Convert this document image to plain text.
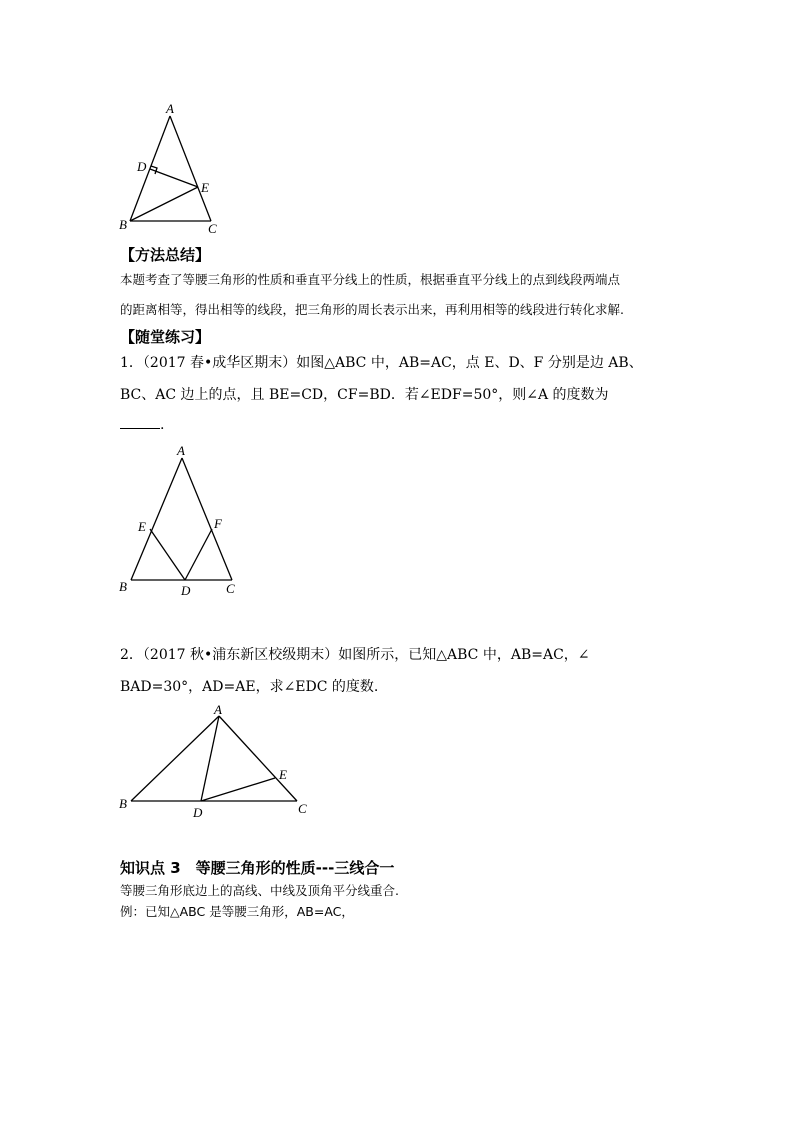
A
D
E
B	C
【方法总结】
本题考查了等腰三角形的性质和垂直平分线上的性质，根据垂直平分线上的点到线段两端点
的距离相等，得出相等的线段，把三角形的周长表示出来，再利用相等的线段进行转化求解.
【随堂练习】
1．（2017 春•成华区期末）如图△ABC 中，AB=AC，点 E、D、F 分别是边 AB、
BC、AC 边上的点，且 BE=CD，CF=BD．若∠EDF=50°，则∠A 的度数为
.
A
E	F
B	D	C
2．（2017 秋•浦东新区校级期末）如图所示，已知△ABC 中，AB=AC，∠
BAD=30°，AD=AE，求∠EDC 的度数.
A
E
B
D	C
知识点 3　等腰三角形的性质---三线合一
等腰三角形底边上的高线、中线及顶角平分线重合.
例：已知△ABC 是等腰三角形，AB=AC，
